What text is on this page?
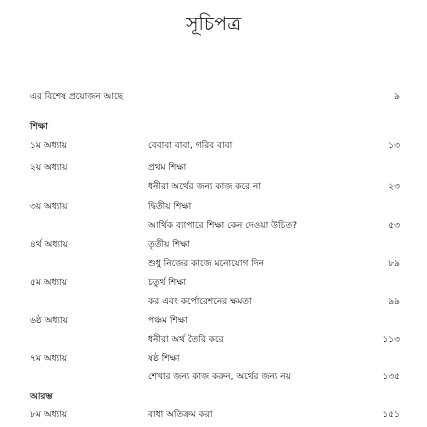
সূচিপত্র
এর বিশেষ প্রয়োজন আছে	৯
শিক্ষা
১ম অধ্যায়	বেবাবা বাবা, গরিব বাবা	১৩
২য় অধ্যায়	প্রথম শিক্ষা
ধনীরা অর্থের জন্য কাজ করে না	২৩
৩য় অধ্যায়	দ্বিতীয় শিক্ষা
আর্থিক ব্যাপারে শিক্ষা কেন দেওয়া উচিত?	৫৩
৪র্থ অধ্যায়	তৃতীয় শিক্ষা
শুধু নিজের কাজে মনোযোগ দিন	৮৯
৫ম অধ্যায়	চতুর্থ শিক্ষা
কর এবং কর্পোরেশনের ক্ষমতা	৯৯
৬ষ্ঠ অধ্যায়	পঞ্চম শিক্ষা
ধনীরা অর্থ তৈরি করে	১১৩
৭ম অধ্যায়	ষষ্ঠ শিক্ষা
শেখার জন্য কাজ করুন, অর্থের জন্য নয়	১৩৫
আরম্ভ
৮ম অধ্যায়	বাধা অতিক্রম করা	১৫১
